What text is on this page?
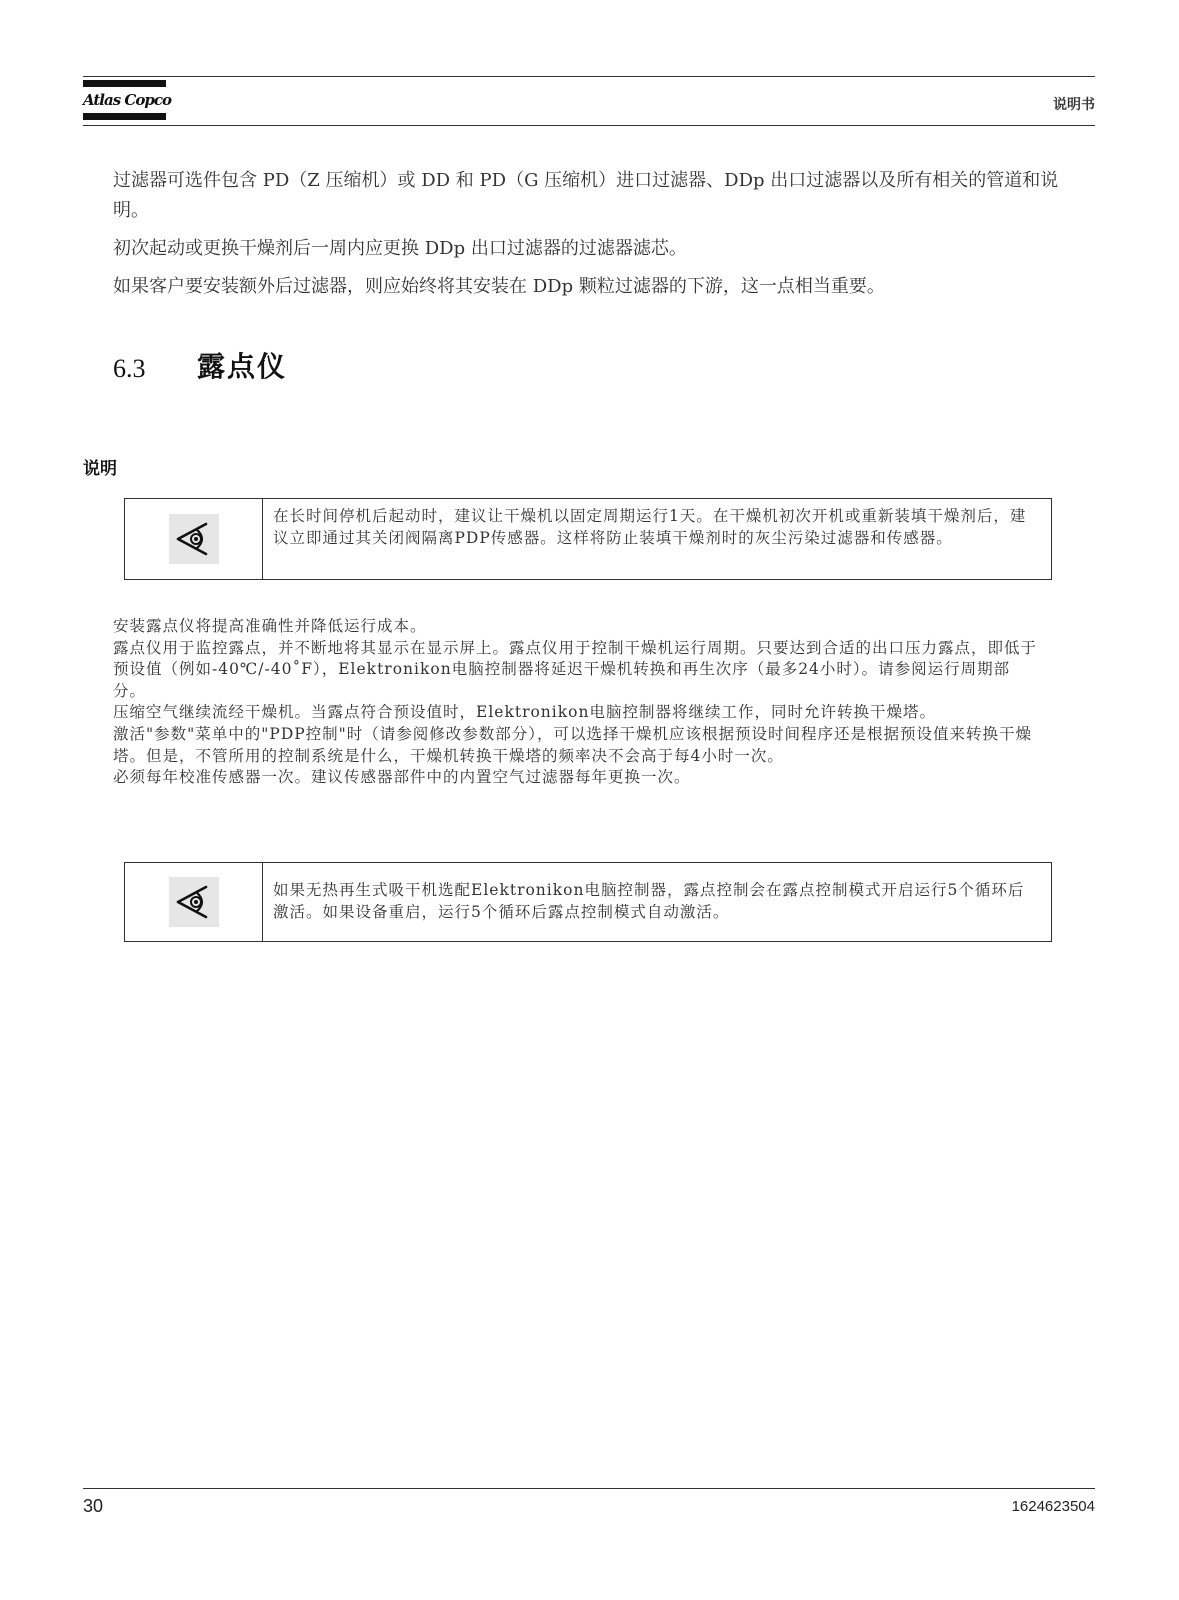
Atlas Copco	说明书

过滤器可选件包含 PD（Z 压缩机）或 DD 和 PD（G 压缩机）进口过滤器、DDp 出口过滤器以及所有相关的管道和说明。

初次起动或更换干燥剂后一周内应更换 DDp 出口过滤器的过滤器滤芯。

如果客户要安装额外后过滤器，则应始终将其安装在 DDp 颗粒过滤器的下游，这一点相当重要。

6.3 露点仪
说明
在长时间停机后起动时，建议让干燥机以固定周期运行1天。在干燥机初次开机或重新装填干燥剂后，建议立即通过其关闭阀隔离PDP传感器。这样将防止装填干燥剂时的灰尘污染过滤器和传感器。

安装露点仪将提高准确性并降低运行成本。

露点仪用于监控露点，并不断地将其显示在显示屏上。露点仪用于控制干燥机运行周期。只要达到合适的出口压力露点，即低于预设值（例如-40℃/-40˚F），Elektronikon电脑控制器将延迟干燥机转换和再生次序（最多24小时）。请参阅运行周期部分。

压缩空气继续流经干燥机。当露点符合预设值时，Elektronikon电脑控制器将继续工作，同时允许转换干燥塔。

激活"参数"菜单中的"PDP控制"时（请参阅修改参数部分），可以选择干燥机应该根据预设时间程序还是根据预设值来转换干燥塔。但是，不管所用的控制系统是什么，干燥机转换干燥塔的频率决不会高于每4小时一次。

必须每年校准传感器一次。建议传感器部件中的内置空气过滤器每年更换一次。

如果无热再生式吸干机选配Elektronikon电脑控制器，露点控制会在露点控制模式开启运行5个循环后激活。如果设备重启，运行5个循环后露点控制模式自动激活。
30	1624623504
